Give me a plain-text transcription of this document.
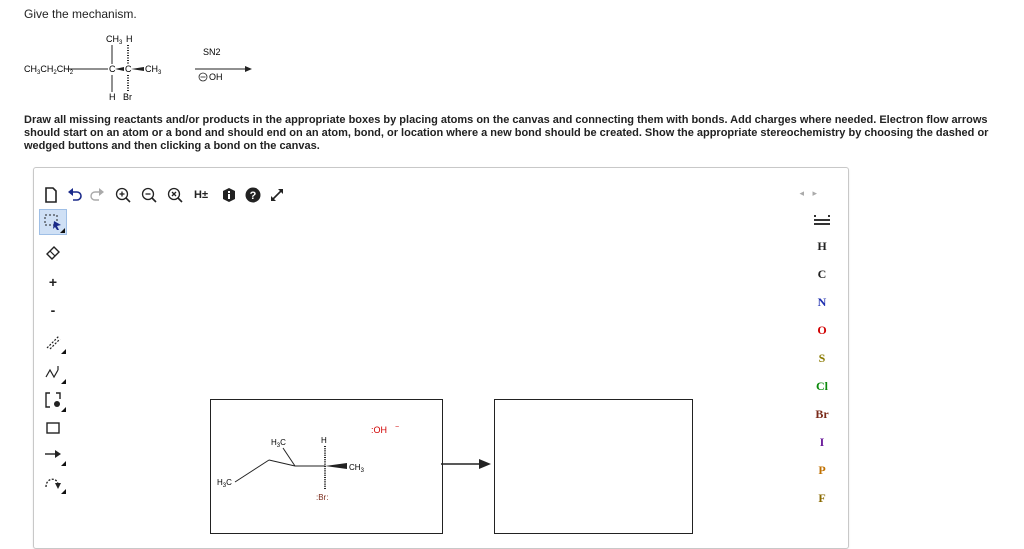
Give the mechanism.
$CH_3$ H
$CH_3CH_2CH_2$	C C $CH_3$
H Br
SN2
OH
Draw all missing reactants and/or products in the appropriate boxes by placing atoms on the canvas and connecting them with bonds. Add charges where needed. Electron flow arrows should start on an atom or a bond and should end on an atom, bond, or location where a new bond should be created. Show the appropriate stereochemistry by choosing the dashed or wedged buttons and then clicking a bond on the canvas.
H±	?	◂ ▸
+
-
$H_3C$	H
$H_3C$
$CH_3$
:Br:
:OH −
H
C
N
O
S
Cl
Br
I
P
F
